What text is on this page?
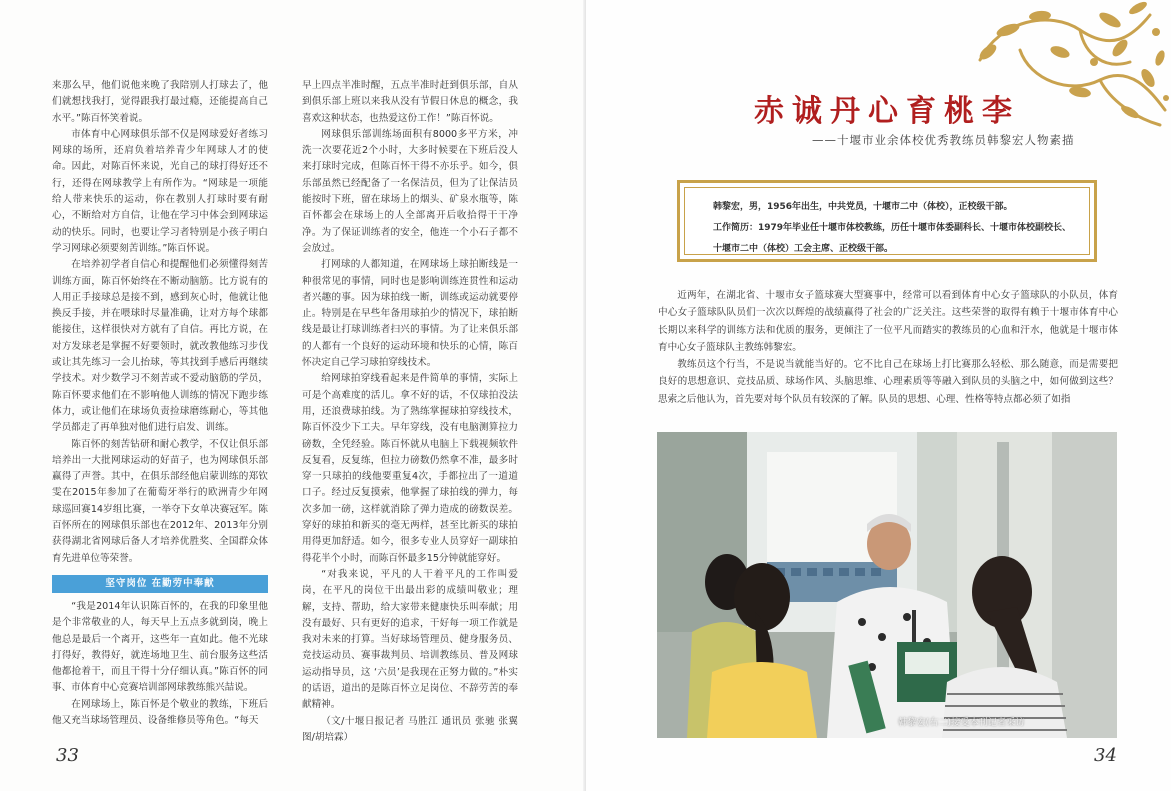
来那么早，他们说他来晚了我陪别人打球去了，他们就想找我打，觉得跟我打最过瘾，还能提高自己水平。”陈百怀笑着说。

市体育中心网球俱乐部不仅是网球爱好者练习网球的场所，还肩负着培养青少年网球人才的使命。因此，对陈百怀来说，光自己的球打得好还不行，还得在网球教学上有所作为。“网球是一项能给人带来快乐的运动，你在教别人打球时要有耐心，不断给对方自信，让他在学习中体会到网球运动的快乐。同时，也要让学习者特别是小孩子明白学习网球必须要刻苦训练。”陈百怀说。

在培养初学者自信心和提醒他们必须懂得刻苦训练方面，陈百怀始终在不断动脑筋。比方说有的人用正手接球总是接不到，感到灰心时，他就让他换反手接，并在喂球时尽量准确，让对方每个球都能接住，这样很快对方就有了自信。再比方说，在对方发球老是掌握不好要领时，就改教他练习步伐或让其先练习一会儿抬球，等其找到手感后再继续学技术。对少数学习不刻苦或不爱动脑筋的学员，陈百怀要求他们在不影响他人训练的情况下跑步练体力，或让他们在球场负责捡球磨练耐心，等其他学员都走了再单独对他们进行启发、训练。

陈百怀的刻苦钻研和耐心教学，不仅让俱乐部培养出一大批网球运动的好苗子，也为网球俱乐部赢得了声誉。其中，在俱乐部经他启蒙训练的郑钦雯在2015年参加了在葡萄牙举行的欧洲青少年网球巡回赛14岁组比赛，一举夺下女单决赛冠军。陈百怀所在的网球俱乐部也在2012年、2013年分别获得湖北省网球后备人才培养优胜奖、全国群众体育先进单位等荣誉。

坚守岗位 在勤劳中奉献

“我是2014年认识陈百怀的，在我的印象里他是个非常敬业的人，每天早上五点多就到岗，晚上他总是最后一个离开，这些年一直如此。他不光球打得好，教得好，就连场地卫生、前台服务这些活他都抢着干，而且干得十分仔细认真。”陈百怀的同事、市体育中心竞赛培训部网球教练熊兴喆说。

在网球场上，陈百怀是个敬业的教练，下班后他又充当球场管理员、设备维修员等角色。“每天

早上四点半准时醒，五点半准时赶到俱乐部，自从到俱乐部上班以来我从没有节假日休息的概念，我喜欢这种状态，也热爱这份工作！”陈百怀说。

网球俱乐部训练场面积有8000多平方米，冲洗一次要花近2个小时，大多时候要在下班后没人来打球时完成，但陈百怀干得不亦乐乎。如今，俱乐部虽然已经配备了一名保洁员，但为了让保洁员能按时下班，留在球场上的烟头、矿泉水瓶等，陈百怀都会在球场上的人全部离开后收拾得干干净净。为了保证训练者的安全，他连一个小石子都不会放过。

打网球的人都知道，在网球场上球拍断线是一种很常见的事情，同时也是影响训练连贯性和运动者兴趣的事。因为球拍线一断，训练或运动就要停止。特别是在早些年备用球拍少的情况下，球拍断线是最让打球训练者扫兴的事情。为了让来俱乐部的人都有一个良好的运动环境和快乐的心情，陈百怀决定自己学习球拍穿线技术。

给网球拍穿线看起来是件简单的事情，实际上可是个高难度的活儿。拿不好的话，不仅球拍没法用，还浪费球拍线。为了熟练掌握球拍穿线技术，陈百怀没少下工夫。早年穿线，没有电脑测算拉力磅数，全凭经验。陈百怀就从电脑上下载视频软件反复看，反复练，但拉力磅数仍然拿不准，最多时穿一只球拍的线他要重复4次，手都拉出了一道道口子。经过反复摸索，他掌握了球拍线的弹力，每次多加一磅，这样就消除了弹力造成的磅数误差。穿好的球拍和新买的毫无两样，甚至比新买的球拍用得更加舒适。如今，很多专业人员穿好一副球拍得花半个小时，而陈百怀最多15分钟就能穿好。

“对我来说，平凡的人干着平凡的工作叫爱岗，在平凡的岗位干出最出彩的成绩叫敬业；理解，支持、帮助，给大家带来健康快乐叫奉献；用没有最好、只有更好的追求，干好每一项工作就是我对未来的打算。当好球场管理员、健身服务员、竞技运动员、赛事裁判员、培训教练员、普及网球运动指导员，这 ‘六员’是我现在正努力做的。”朴实的话语，道出的是陈百怀立足岗位、不辞劳苦的奉献精神。

（文/十堰日报记者 马胜江 通讯员 张驰 张翼 图/胡培霖）

33
赤诚丹心育桃李
——十堰市业余体校优秀教练员韩黎宏人物素描

韩黎宏，男，1956年出生，中共党员，十堰市二中（体校），正校级干部。

工作简历：1979年毕业任十堰市体校教练，历任十堰市体委副科长、十堰市体校副校长、十堰市二中（体校）工会主席、正校级干部。

近两年，在湖北省、十堰市女子篮球赛大型赛事中，经常可以看到体育中心女子篮球队的小队员，体育中心女子篮球队队员们一次次以辉煌的战绩赢得了社会的广泛关注。这些荣誉的取得有赖于十堰市体育中心长期以来科学的训练方法和优质的服务，更倾注了一位平凡而踏实的教练员的心血和汗水，他就是十堰市体育中心女子篮球队主教练韩黎宏。

教练员这个行当，不是说当就能当好的。它不比自己在球场上打比赛那么轻松、那么随意，而是需要把良好的思想意识、竞技品质、球场作风、头脑思维、心理素质等等融入到队员的头脑之中，如何做到这些？思索之后他认为，首先要对每个队员有较深的了解。队员的思想、心理、性格等特点都必须了如指

韩黎宏(右二)接受本刊记者采访
34
